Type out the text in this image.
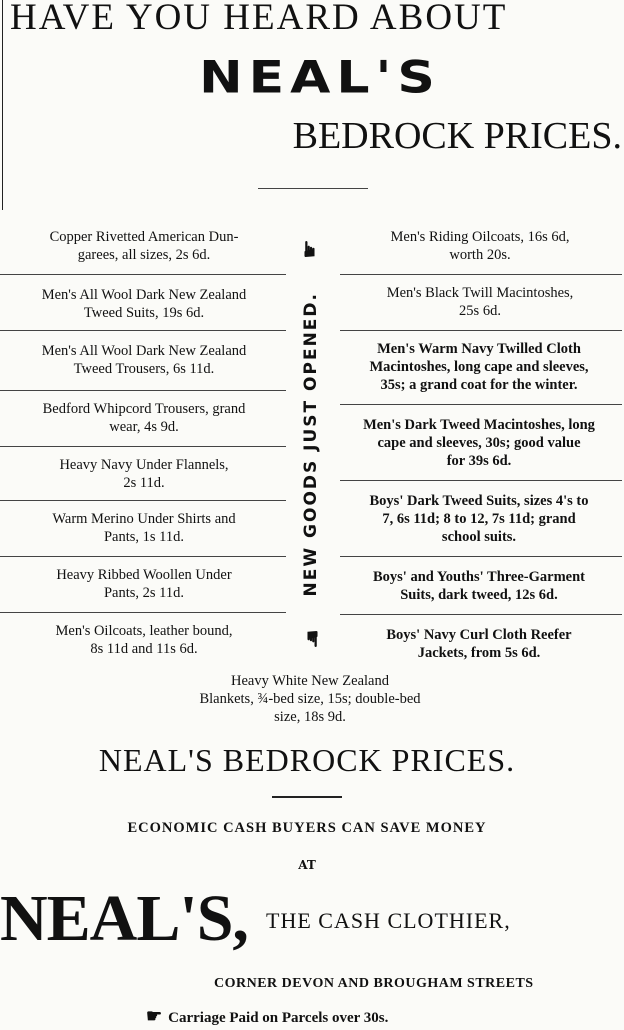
HAVE YOU HEARD ABOUT
NEAL'S
BEDROCK PRICES.
Copper Rivetted American Dun-
garees, all sizes, 2s 6d.
Men's All Wool Dark New Zealand
Tweed Suits, 19s 6d.
Men's All Wool Dark New Zealand
Tweed Trousers, 6s 11d.
Bedford Whipcord Trousers, grand
wear, 4s 9d.
Heavy Navy Under Flannels,
2s 11d.
Warm Merino Under Shirts and
Pants, 1s 11d.
Heavy Ribbed Woollen Under
Pants, 2s 11d.
Men's Oilcoats, leather bound,
8s 11d and 11s 6d.
☛
NEW GOODS JUST OPENED.
☛
Men's Riding Oilcoats, 16s 6d,
worth 20s.
Men's Black Twill Macintoshes,
25s 6d.
Men's Warm Navy Twilled Cloth
Macintoshes, long cape and sleeves,
35s; a grand coat for the winter.
Men's Dark Tweed Macintoshes, long
cape and sleeves, 30s; good value
for 39s 6d.
Boys' Dark Tweed Suits, sizes 4's to
7, 6s 11d; 8 to 12, 7s 11d; grand
school suits.
Boys' and Youths' Three-Garment
Suits, dark tweed, 12s 6d.
Boys' Navy Curl Cloth Reefer
Jackets, from 5s 6d.
Heavy White New Zealand
Blankets, ¾-bed size, 15s; double-bed
size, 18s 9d.
NEAL'S BEDROCK PRICES.
ECONOMIC CASH BUYERS CAN SAVE MONEY
AT
NEAL'S, THE CASH CLOTHIER,
CORNER DEVON AND BROUGHAM STREETS
☛ Carriage Paid on Parcels over 30s.
